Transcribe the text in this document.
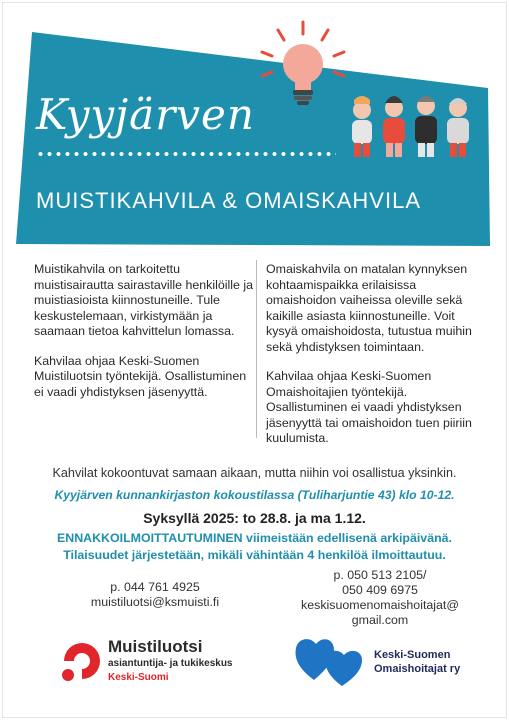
Kyyjärven
MUISTIKAHVILA & OMAISKAHVILA

Muistikahvila on tarkoitettu muistisairautta sairastaville henkilöille ja muistiasioista kiinnostuneille. Tule keskustelemaan, virkistymään ja saamaan tietoa kahvittelun lomassa.

Kahvilaa ohjaa Keski-Suomen Muistiluotsin työntekijä. Osallistuminen ei vaadi yhdistyksen jäsenyyttä.

Omaiskahvila on matalan kynnyksen kohtaamispaikka erilaisissa omaishoidon vaiheissa oleville sekä kaikille asiasta kiinnostuneille. Voit kysyä omaishoidosta, tutustua muihin sekä yhdistyksen toimintaan.

Kahvilaa ohjaa Keski-Suomen Omaishoitajien työntekijä. Osallistuminen ei vaadi yhdistyksen jäsenyyttä tai omaishoidon tuen piiriin kuulumista.

Kahvilat kokoontuvat samaan aikaan, mutta niihin voi osallistua yksinkin.
Kyyjärven kunnankirjaston kokoustilassa (Tuliharjuntie 43) klo 10-12.
Syksyllä 2025: to 28.8. ja ma 1.12.
ENNAKKOILMOITTAUTUMINEN viimeistään edellisenä arkipäivänä.
Tilaisuudet järjestetään, mikäli vähintään 4 henkilöä ilmoittautuu.
p. 044 761 4925
muistiluotsi@ksmuisti.fi
p. 050 513 2105/
050 409 6975
keskisuomenomaishoitajat@
gmail.com
Muistiluotsi
asiantuntija- ja tukikeskus
Keski-Suomi
Keski-Suomen
Omaishoitajat ry
